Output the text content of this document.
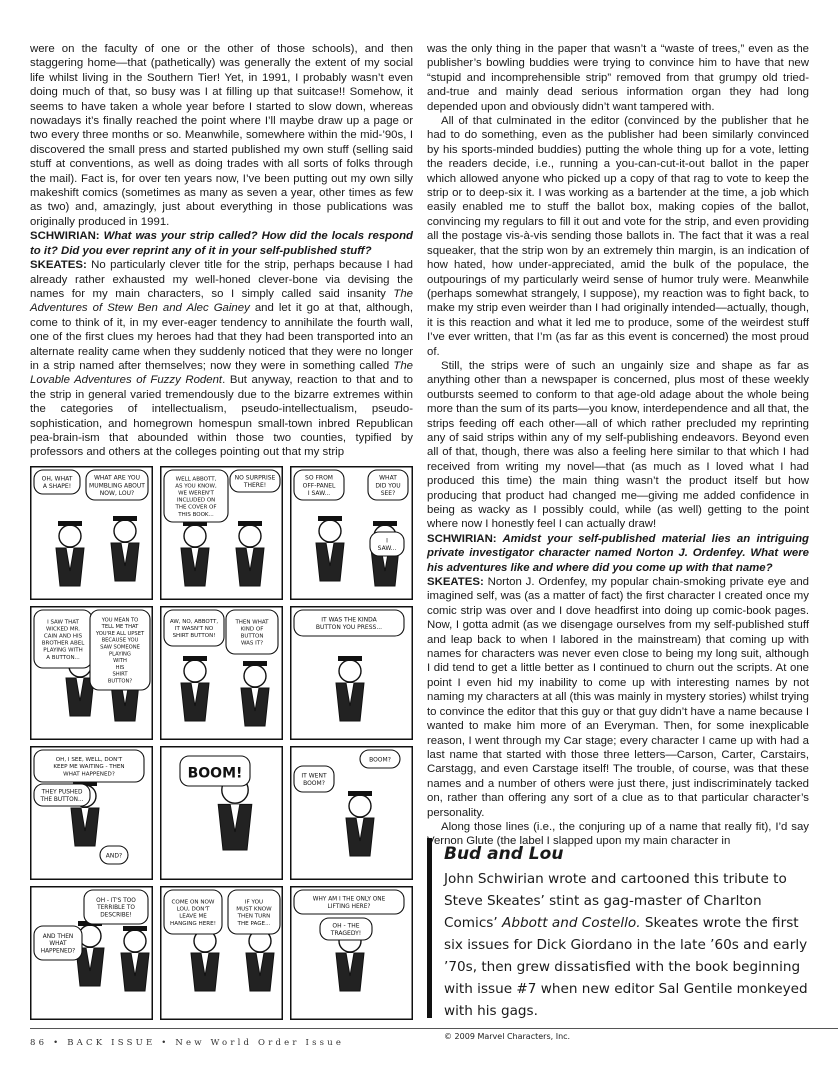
were on the faculty of one or the other of those schools), and then staggering home—that (pathetically) was generally the extent of my social life whilst living in the Southern Tier! Yet, in 1991, I probably wasn’t even doing much of that, so busy was I at filling up that suitcase!! Somehow, it seems to have taken a whole year before I started to slow down, whereas nowadays it’s finally reached the point where I’ll maybe draw up a page or two every three months or so. Meanwhile, somewhere within the mid-’90s, I discovered the small press and started published my own stuff (selling said stuff at conventions, as well as doing trades with all sorts of folks through the mail). Fact is, for over ten years now, I’ve been putting out my own silly makeshift comics (sometimes as many as seven a year, other times as few as two) and, amazingly, just about everything in those publications was originally produced in 1991.

SCHWIRIAN: What was your strip called? How did the locals respond to it? Did you ever reprint any of it in your self-published stuff?

SKEATES: No particularly clever title for the strip, perhaps because I had already rather exhausted my well-honed clever-bone via devising the names for my main characters, so I simply called said insanity The Adventures of Stew Ben and Alec Gainey and let it go at that, although, come to think of it, in my ever-eager tendency to annihilate the fourth wall, one of the first clues my heroes had that they had been transported into an alternate reality came when they suddenly noticed that they were no longer in a strip named after themselves; now they were in something called The Lovable Adventures of Fuzzy Rodent. But anyway, reaction to that and to the strip in general varied tremendously due to the bizarre extremes within the categories of intellectualism, pseudo-intellectualism, pseudo-sophistication, and homegrown homespun small-town inbred Republican pea-brain-ism that abounded within those two counties, typified by professors and others at the colleges pointing out that my strip

OH, WHAT
A SHAPE!
WHAT ARE YOU
MUMBLING ABOUT
NOW, LOU?
WELL ABBOTT,
AS YOU KNOW,
WE WEREN'T
INCLUDED ON
THE COVER OF
THIS BOOK...
NO SURPRISE
THERE!
SO FROM
OFF-PANEL
I SAW...
WHAT
DID YOU
SEE?
I
SAW...
I SAW THAT
WICKED MR.
CAIN AND HIS
BROTHER ABEL
PLAYING WITH
A BUTTON...
YOU MEAN TO
TELL ME THAT
YOU'RE ALL UPSET
BECAUSE YOU
SAW SOMEONE
PLAYING
WITH
HIS
SHIRT
BUTTON?
AW, NO, ABBOTT,
IT WASN'T NO
SHIRT BUTTON!
THEN WHAT
KIND OF
BUTTON
WAS IT?
IT WAS THE KINDA
BUTTON YOU PRESS...
OH, I SEE, WELL, DON'T
KEEP ME WAITING - THEN
WHAT HAPPENED?
THEY PUSHED
THE BUTTON...
AND?
BOOM!
BOOM?
IT WENT
BOOM?
AND THEN
WHAT
HAPPENED?
OH - IT'S TOO
TERRIBLE TO
DESCRIBE!
COME ON NOW
LOU, DON'T
LEAVE ME
HANGING HERE!
IF YOU
MUST KNOW
THEN TURN
THE PAGE...
WHY AM I THE ONLY ONE
LIFTING HERE?
OH - THE
TRAGEDY!

was the only thing in the paper that wasn’t a “waste of trees,” even as the publisher’s bowling buddies were trying to convince him to have that new “stupid and incomprehensible strip” removed from that grumpy old tried-and-true and mainly dead serious information organ they had long depended upon and obviously didn’t want tampered with.

All of that culminated in the editor (convinced by the publisher that he had to do something, even as the publisher had been similarly convinced by his sports-minded buddies) putting the whole thing up for a vote, letting the readers decide, i.e., running a you-can-cut-it-out ballot in the paper which allowed anyone who picked up a copy of that rag to vote to keep the strip or to deep-six it. I was working as a bartender at the time, a job which easily enabled me to stuff the ballot box, making copies of the ballot, convincing my regulars to fill it out and vote for the strip, and even providing all the postage vis-à-vis sending those ballots in. The fact that it was a real squeaker, that the strip won by an extremely thin margin, is an indication of how hated, how under-appreciated, amid the bulk of the populace, the outpourings of my particularly weird sense of humor truly were. Meanwhile (perhaps somewhat strangely, I suppose), my reaction was to fight back, to make my strip even weirder than I had originally intended—actually, though, it is this reaction and what it led me to produce, some of the weirdest stuff I’ve ever written, that I’m (as far as this event is concerned) the most proud of.

Still, the strips were of such an ungainly size and shape as far as anything other than a newspaper is concerned, plus most of these weekly outbursts seemed to conform to that age-old adage about the whole being more than the sum of its parts—you know, interdependence and all that, the strips feeding off each other—all of which rather precluded my reprinting any of said strips within any of my self-publishing endeavors. Beyond even all of that, though, there was also a feeling here similar to that which I had received from writing my novel—that (as much as I loved what I had produced this time) the main thing wasn’t the product itself but how producing that product had changed me—giving me added confidence in being as wacky as I possibly could, while (as well) getting to the point where now I honestly feel I can actually draw!

SCHWIRIAN: Amidst your self-published material lies an intriguing private investigator character named Norton J. Ordenfey. What were his adventures like and where did you come up with that name?

SKEATES: Norton J. Ordenfey, my popular chain-smoking private eye and imagined self, was (as a matter of fact) the first character I created once my comic strip was over and I dove headfirst into doing up comic-book pages. Now, I gotta admit (as we disengage ourselves from my self-published stuff and leap back to when I labored in the mainstream) that coming up with names for characters was never even close to being my long suit, although I did tend to get a little better as I continued to churn out the scripts. At one point I even hid my inability to come up with interesting names by not naming my characters at all (this was mainly in mystery stories) whilst trying to convince the editor that this guy or that guy didn’t have a name because I wanted to make him more of an Everyman. Then, for some inexplicable reason, I went through my Car stage; every character I came up with had a last name that started with those three letters—Carson, Carter, Carstairs, Carstagg, and even Carstage itself! The trouble, of course, was that these names and a number of others were just there, just indiscriminately tacked on, rather than offering any sort of a clue as to that particular character’s personality.

Along those lines (i.e., the conjuring up of a name that really fit), I’d say Vernon Glute (the label I slapped upon my main character in

Bud and Lou

John Schwirian wrote and cartooned this tribute to Steve Skeates’ stint as gag-master of Charlton Comics’ Abbott and Costello. Skeates wrote the first six issues for Dick Giordano in the late ’60s and early ’70s, then grew dissatisfied with the book beginning with issue #7 when new editor Sal Gentile monkeyed with his gags.

© 2009 Marvel Characters, Inc.
86 • BACK ISSUE • New World Order Issue
